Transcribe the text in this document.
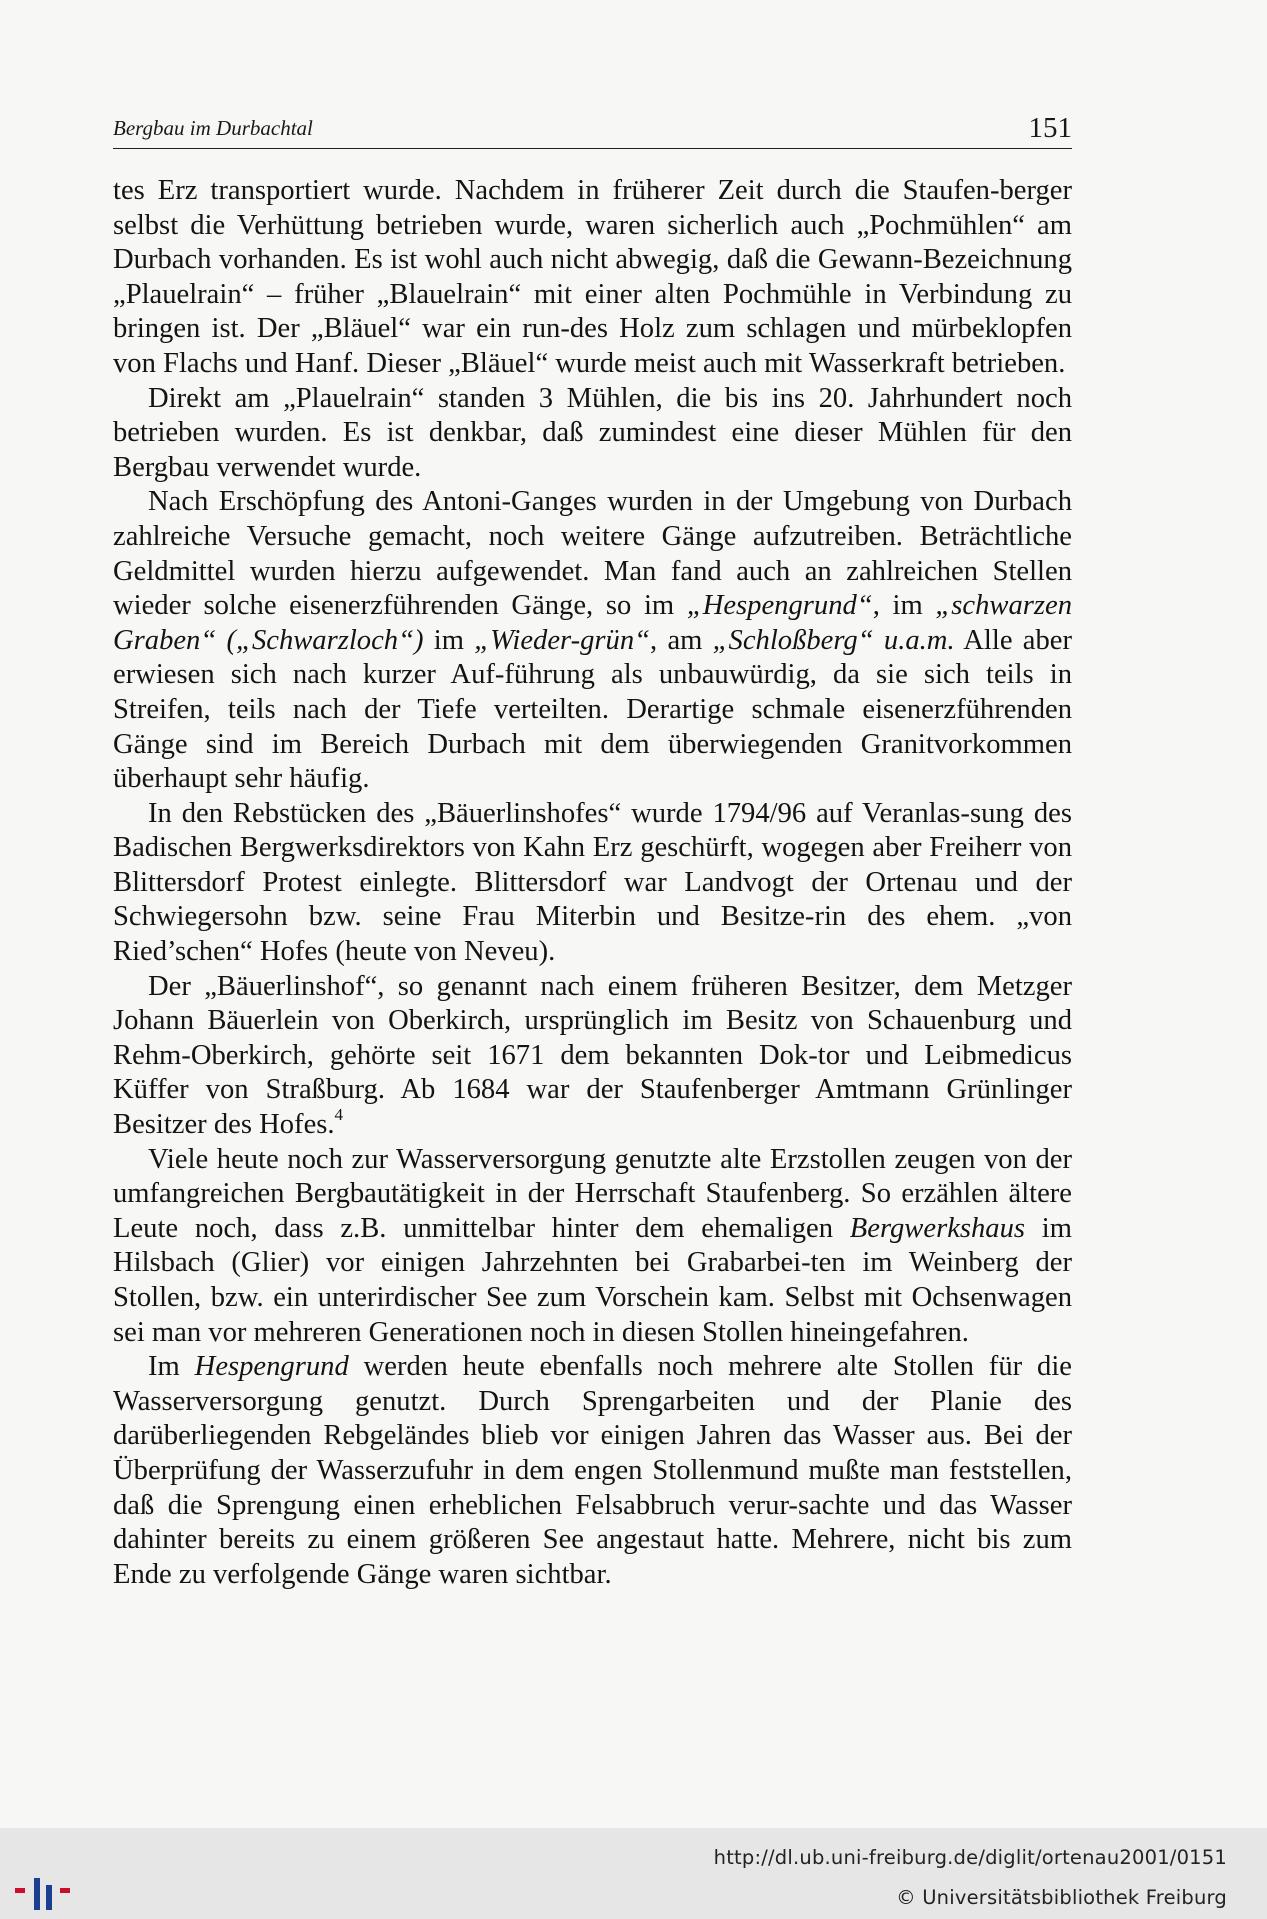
Bergbau im Durbachtal	151

tes Erz transportiert wurde. Nachdem in früherer Zeit durch die Staufen-berger selbst die Verhüttung betrieben wurde, waren sicherlich auch „Pochmühlen“ am Durbach vorhanden. Es ist wohl auch nicht abwegig, daß die Gewann-Bezeichnung „Plauelrain“ – früher „Blauelrain“ mit einer alten Pochmühle in Verbindung zu bringen ist. Der „Bläuel“ war ein run-des Holz zum schlagen und mürbeklopfen von Flachs und Hanf. Dieser „Bläuel“ wurde meist auch mit Wasserkraft betrieben.

Direkt am „Plauelrain“ standen 3 Mühlen, die bis ins 20. Jahrhundert noch betrieben wurden. Es ist denkbar, daß zumindest eine dieser Mühlen für den Bergbau verwendet wurde.

Nach Erschöpfung des Antoni-Ganges wurden in der Umgebung von Durbach zahlreiche Versuche gemacht, noch weitere Gänge aufzutreiben. Beträchtliche Geldmittel wurden hierzu aufgewendet. Man fand auch an zahlreichen Stellen wieder solche eisenerzführenden Gänge, so im „Hespengrund“, im „schwarzen Graben“ („Schwarzloch“) im „Wieder-grün“, am „Schloßberg“ u.a.m. Alle aber erwiesen sich nach kurzer Auf-führung als unbauwürdig, da sie sich teils in Streifen, teils nach der Tiefe verteilten. Derartige schmale eisenerzführenden Gänge sind im Bereich Durbach mit dem überwiegenden Granitvorkommen überhaupt sehr häufig.

In den Rebstücken des „Bäuerlinshofes“ wurde 1794/96 auf Veranlas-sung des Badischen Bergwerksdirektors von Kahn Erz geschürft, wogegen aber Freiherr von Blittersdorf Protest einlegte. Blittersdorf war Landvogt der Ortenau und der Schwiegersohn bzw. seine Frau Miterbin und Besitze-rin des ehem. „von Ried’schen“ Hofes (heute von Neveu).

Der „Bäuerlinshof“, so genannt nach einem früheren Besitzer, dem Metzger Johann Bäuerlein von Oberkirch, ursprünglich im Besitz von Schauenburg und Rehm-Oberkirch, gehörte seit 1671 dem bekannten Dok-tor und Leibmedicus Küffer von Straßburg. Ab 1684 war der Staufenberger Amtmann Grünlinger Besitzer des Hofes.$^4$

Viele heute noch zur Wasserversorgung genutzte alte Erzstollen zeugen von der umfangreichen Bergbautätigkeit in der Herrschaft Staufenberg. So erzählen ältere Leute noch, dass z.B. unmittelbar hinter dem ehemaligen Bergwerkshaus im Hilsbach (Glier) vor einigen Jahrzehnten bei Grabarbei-ten im Weinberg der Stollen, bzw. ein unterirdischer See zum Vorschein kam. Selbst mit Ochsenwagen sei man vor mehreren Generationen noch in diesen Stollen hineingefahren.

Im Hespengrund werden heute ebenfalls noch mehrere alte Stollen für die Wasserversorgung genutzt. Durch Sprengarbeiten und der Planie des darüberliegenden Rebgeländes blieb vor einigen Jahren das Wasser aus. Bei der Überprüfung der Wasserzufuhr in dem engen Stollenmund mußte man feststellen, daß die Sprengung einen erheblichen Felsabbruch verur-sachte und das Wasser dahinter bereits zu einem größeren See angestaut hatte. Mehrere, nicht bis zum Ende zu verfolgende Gänge waren sichtbar.

http://dl.ub.uni-freiburg.de/diglit/ortenau2001/0151
© Universitätsbibliothek Freiburg
